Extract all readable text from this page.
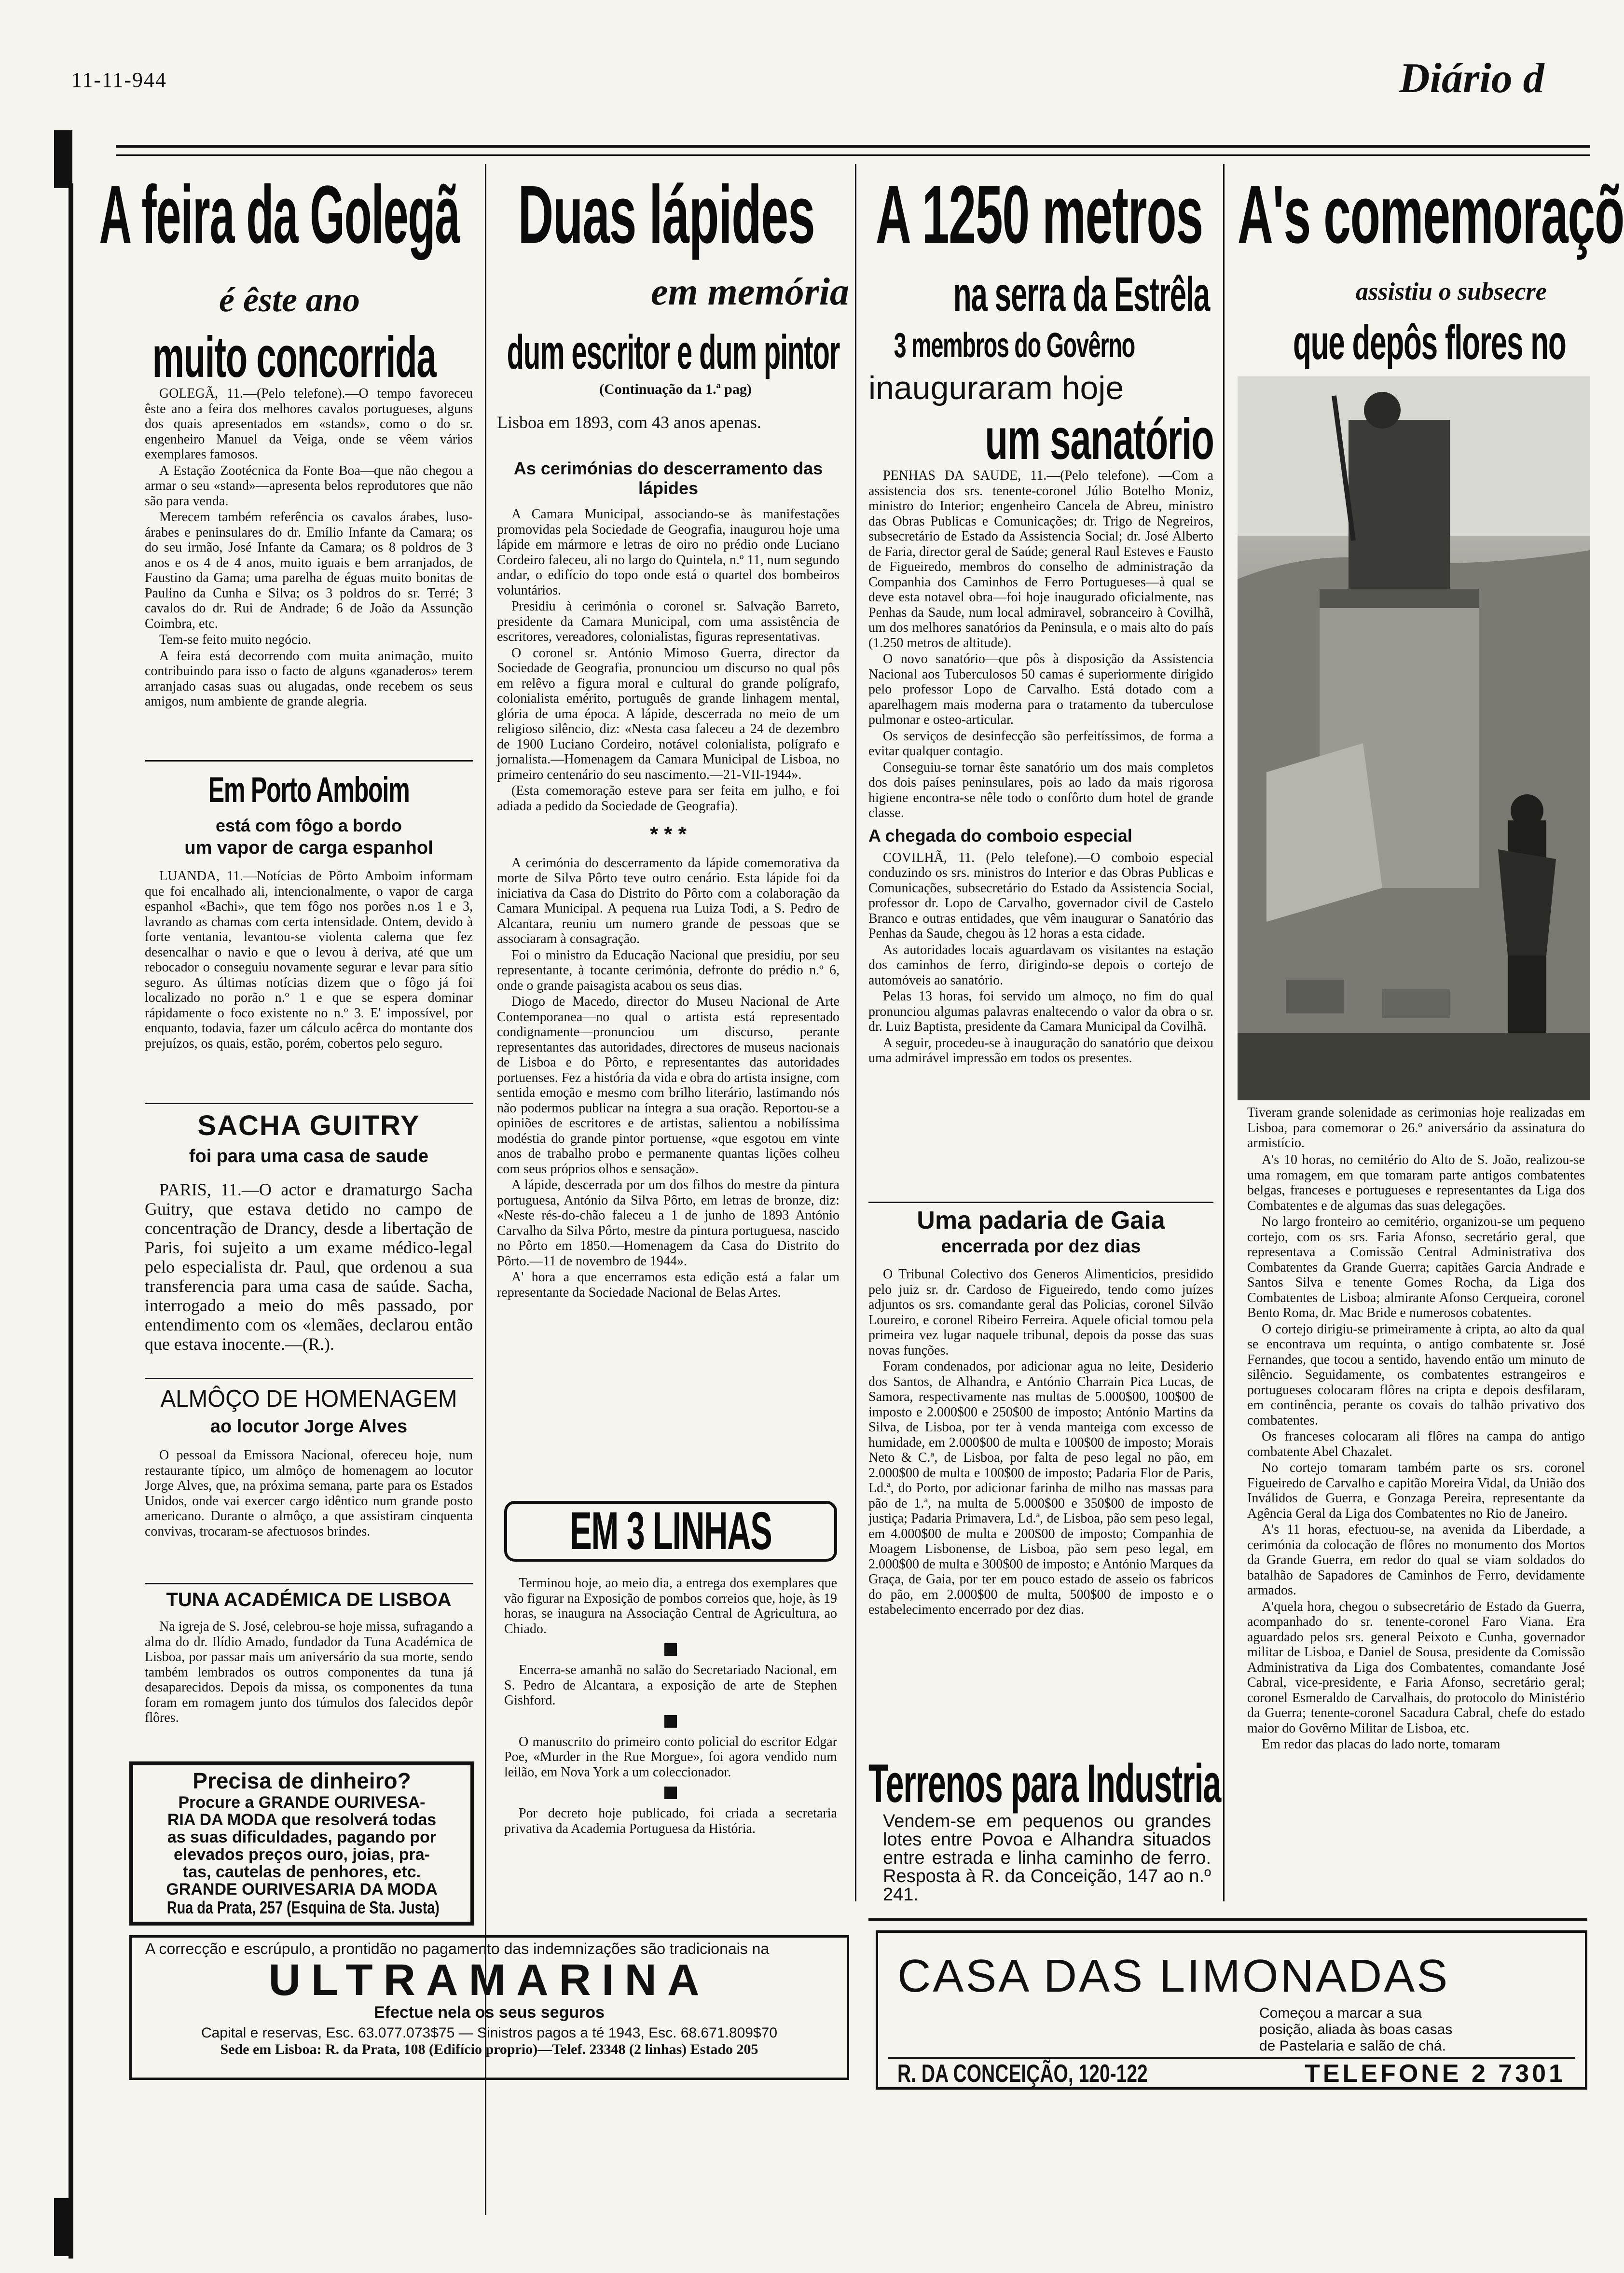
11-11-944	Diário d
A feira da Golegã
é êste ano
muito concorrida

GOLEGÃ, 11.—(Pelo telefone).—O tempo favoreceu êste ano a feira dos melhores cavalos portugueses, alguns dos quais apresentados em «stands», como o do sr. engenheiro Manuel da Veiga, onde se vêem vários exemplares famosos.

A Estação Zootécnica da Fonte Boa—que não chegou a armar o seu «stand»—apresenta belos reprodutores que não são para venda.

Merecem também referência os cavalos árabes, luso-árabes e peninsulares do dr. Emílio Infante da Camara; os do seu irmão, José Infante da Camara; os 8 poldros de 3 anos e os 4 de 4 anos, muito iguais e bem arranjados, de Faustino da Gama; uma parelha de éguas muito bonitas de Paulino da Cunha e Silva; os 3 poldros do sr. Terré; 3 cavalos do dr. Rui de Andrade; 6 de João da Assunção Coimbra, etc.

Tem-se feito muito negócio.

A feira está decorrendo com muita animação, muito contribuindo para isso o facto de alguns «ganaderos» terem arranjado casas suas ou alugadas, onde recebem os seus amigos, num ambiente de grande alegria.

Em Porto Amboim
está com fôgo a bordo
um vapor de carga espanhol

LUANDA, 11.—Notícias de Pôrto Amboim informam que foi encalhado ali, intencionalmente, o vapor de carga espanhol «Bachi», que tem fôgo nos porões n.os 1 e 3, lavrando as chamas com certa intensidade. Ontem, devido à forte ventania, levantou-se violenta calema que fez desencalhar o navio e que o levou à deriva, até que um rebocador o conseguiu novamente segurar e levar para sítio seguro. As últimas notícias dizem que o fôgo já foi localizado no porão n.º 1 e que se espera dominar rápidamente o foco existente no n.º 3. E' impossível, por enquanto, todavia, fazer um cálculo acêrca do montante dos prejuízos, os quais, estão, porém, cobertos pelo seguro.

SACHA GUITRY
foi para uma casa de saude

PARIS, 11.—O actor e dramaturgo Sacha Guitry, que estava detido no campo de concentração de Drancy, desde a libertação de Paris, foi sujeito a um exame médico-legal pelo especialista dr. Paul, que ordenou a sua transferencia para uma casa de saúde. Sacha, interrogado a meio do mês passado, por entendimento com os «lemães, declarou então que estava inocente.—(R.).

ALMÔÇO DE HOMENAGEM
ao locutor Jorge Alves

O pessoal da Emissora Nacional, ofereceu hoje, num restaurante típico, um almôço de homenagem ao locutor Jorge Alves, que, na próxima semana, parte para os Estados Unidos, onde vai exercer cargo idêntico num grande posto americano. Durante o almôço, a que assistiram cinquenta convivas, trocaram-se afectuosos brindes.

TUNA ACADÉMICA DE LISBOA

Na igreja de S. José, celebrou-se hoje missa, sufragando a alma do dr. Ilídio Amado, fundador da Tuna Académica de Lisboa, por passar mais um aniversário da sua morte, sendo também lembrados os outros componentes da tuna já desaparecidos. Depois da missa, os componentes da tuna foram em romagem junto dos túmulos dos falecidos depôr flôres.

Precisa de dinheiro?
Procure a GRANDE OURIVESA-
RIA DA MODA que resolverá todas
as suas dificuldades, pagando por
elevados preços ouro, joias, pra-
tas, cautelas de penhores, etc.
GRANDE OURIVESARIA DA MODA
Rua da Prata, 257 (Esquina de Sta. Justa)
Duas lápides
em memória
dum escritor e dum pintor
(Continuação da 1.ª pag)
Lisboa em 1893, com 43 anos apenas.
As cerimónias do descerramento das lápides

A Camara Municipal, associando-se às manifestações promovidas pela Sociedade de Geografia, inaugurou hoje uma lápide em mármore e letras de oiro no prédio onde Luciano Cordeiro faleceu, ali no largo do Quintela, n.º 11, num segundo andar, o edifício do topo onde está o quartel dos bombeiros voluntários.

Presidiu à cerimónia o coronel sr. Salvação Barreto, presidente da Camara Municipal, com uma assistência de escritores, vereadores, colonialistas, figuras representativas.

O coronel sr. António Mimoso Guerra, director da Sociedade de Geografia, pronunciou um discurso no qual pôs em relêvo a figura moral e cultural do grande polígrafo, colonialista emérito, português de grande linhagem mental, glória de uma época. A lápide, descerrada no meio de um religioso silêncio, diz: «Nesta casa faleceu a 24 de dezembro de 1900 Luciano Cordeiro, notável colonialista, polígrafo e jornalista.—Homenagem da Camara Municipal de Lisboa, no primeiro centenário do seu nascimento.—21-VII-1944».

(Esta comemoração esteve para ser feita em julho, e foi adiada a pedido da Sociedade de Geografia).

* * *

A cerimónia do descerramento da lápide comemorativa da morte de Silva Pôrto teve outro cenário. Esta lápide foi da iniciativa da Casa do Distrito do Pôrto com a colaboração da Camara Municipal. A pequena rua Luiza Todi, a S. Pedro de Alcantara, reuniu um numero grande de pessoas que se associaram à consagração.

Foi o ministro da Educação Nacional que presidiu, por seu representante, à tocante cerimónia, defronte do prédio n.º 6, onde o grande paisagista acabou os seus dias.

Diogo de Macedo, director do Museu Nacional de Arte Contemporanea—no qual o artista está representado condignamente—pronunciou um discurso, perante representantes das autoridades, directores de museus nacionais de Lisboa e do Pôrto, e representantes das autoridades portuenses. Fez a história da vida e obra do artista insigne, com sentida emoção e mesmo com brilho literário, lastimando nós não podermos publicar na íntegra a sua oração. Reportou-se a opiniões de escritores e de artistas, salientou a nobilíssima modéstia do grande pintor portuense, «que esgotou em vinte anos de trabalho probo e permanente quantas lições colheu com seus próprios olhos e sensação».

A lápide, descerrada por um dos filhos do mestre da pintura portuguesa, António da Silva Pôrto, em letras de bronze, diz: «Neste rés-do-chão faleceu a 1 de junho de 1893 António Carvalho da Silva Pôrto, mestre da pintura portuguesa, nascido no Pôrto em 1850.—Homenagem da Casa do Distrito do Pôrto.—11 de novembro de 1944».

A' hora a que encerramos esta edição está a falar um representante da Sociedade Nacional de Belas Artes.

EM 3 LINHAS

Terminou hoje, ao meio dia, a entrega dos exemplares que vão figurar na Exposição de pombos correios que, hoje, às 19 horas, se inaugura na Associação Central de Agricultura, ao Chiado.

Encerra-se amanhã no salão do Secretariado Nacional, em S. Pedro de Alcantara, a exposição de arte de Stephen Gishford.

O manuscrito do primeiro conto policial do escritor Edgar Poe, «Murder in the Rue Morgue», foi agora vendido num leilão, em Nova York a um coleccionador.

Por decreto hoje publicado, foi criada a secretaria privativa da Academia Portuguesa da História.

A 1250 metros
na serra da Estrêla
3 membros do Govêrno
inauguraram hoje
um sanatório

PENHAS DA SAUDE, 11.—(Pelo telefone). —Com a assistencia dos srs. tenente-coronel Júlio Botelho Moniz, ministro do Interior; engenheiro Cancela de Abreu, ministro das Obras Publicas e Comunicações; dr. Trigo de Negreiros, subsecretário de Estado da Assistencia Social; dr. José Alberto de Faria, director geral de Saúde; general Raul Esteves e Fausto de Figueiredo, membros do conselho de administração da Companhia dos Caminhos de Ferro Portugueses—à qual se deve esta notavel obra—foi hoje inaugurado oficialmente, nas Penhas da Saude, num local admiravel, sobranceiro à Covilhã, um dos melhores sanatórios da Peninsula, e o mais alto do país (1.250 metros de altitude).

O novo sanatório—que pôs à disposição da Assistencia Nacional aos Tuberculosos 50 camas é superiormente dirigido pelo professor Lopo de Carvalho. Está dotado com a aparelhagem mais moderna para o tratamento da tuberculose pulmonar e osteo-articular.

Os serviços de desinfecção são perfeitíssimos, de forma a evitar qualquer contagio.

Conseguiu-se tornar êste sanatório um dos mais completos dos dois países peninsulares, pois ao lado da mais rigorosa higiene encontra-se nêle todo o confôrto dum hotel de grande classe.

A chegada do comboio especial

COVILHÃ, 11. (Pelo telefone).—O comboio especial conduzindo os srs. ministros do Interior e das Obras Publicas e Comunicações, subsecretário do Estado da Assistencia Social, professor dr. Lopo de Carvalho, governador civil de Castelo Branco e outras entidades, que vêm inaugurar o Sanatório das Penhas da Saude, chegou às 12 horas a esta cidade.

As autoridades locais aguardavam os visitantes na estação dos caminhos de ferro, dirigindo-se depois o cortejo de automóveis ao sanatório.

Pelas 13 horas, foi servido um almoço, no fim do qual pronunciou algumas palavras enaltecendo o valor da obra o sr. dr. Luiz Baptista, presidente da Camara Municipal da Covilhã.

A seguir, procedeu-se à inauguração do sanatório que deixou uma admirável impressão em todos os presentes.

Uma padaria de Gaia
encerrada por dez dias

O Tribunal Colectivo dos Generos Alimenticios, presidido pelo juiz sr. dr. Cardoso de Figueiredo, tendo como juízes adjuntos os srs. comandante geral das Policias, coronel Silvão Loureiro, e coronel Ribeiro Ferreira. Aquele oficial tomou pela primeira vez lugar naquele tribunal, depois da posse das suas novas funções.

Foram condenados, por adicionar agua no leite, Desiderio dos Santos, de Alhandra, e António Charrain Pica Lucas, de Samora, respectivamente nas multas de 5.000$00, 100$00 de imposto e 2.000$00 e 250$00 de imposto; António Martins da Silva, de Lisboa, por ter à venda manteiga com excesso de humidade, em 2.000$00 de multa e 100$00 de imposto; Morais Neto & C.ª, de Lisboa, por falta de peso legal no pão, em 2.000$00 de multa e 100$00 de imposto; Padaria Flor de Paris, Ld.ª, do Porto, por adicionar farinha de milho nas massas para pão de 1.ª, na multa de 5.000$00 e 350$00 de imposto de justiça; Padaria Primavera, Ld.ª, de Lisboa, pão sem peso legal, em 4.000$00 de multa e 200$00 de imposto; Companhia de Moagem Lisbonense, de Lisboa, pão sem peso legal, em 2.000$00 de multa e 300$00 de imposto; e António Marques da Graça, de Gaia, por ter em pouco estado de asseio os fabricos do pão, em 2.000$00 de multa, 500$00 de imposto e o estabelecimento encerrado por dez dias.

Terrenos para Industria
Vendem-se em pequenos ou grandes lotes entre Povoa e Alhandra situados entre estrada e linha caminho de ferro. Resposta à R. da Conceição, 147 ao n.º 241.
A's comemoraçõ
assistiu o subsecre
que depôs flores no
Tiveram grande solenidade as cerimonias hoje realizadas em Lisboa, para comemorar o 26.º aniversário da assinatura do armistício.

A's 10 horas, no cemitério do Alto de S. João, realizou-se uma romagem, em que tomaram parte antigos combatentes belgas, franceses e portugueses e representantes da Liga dos Combatentes e de algumas das suas delegações.

No largo fronteiro ao cemitério, organizou-se um pequeno cortejo, com os srs. Faria Afonso, secretário geral, que representava a Comissão Central Administrativa dos Combatentes da Grande Guerra; capitães Garcia Andrade e Santos Silva e tenente Gomes Rocha, da Liga dos Combatentes de Lisboa; almirante Afonso Cerqueira, coronel Bento Roma, dr. Mac Bride e numerosos cobatentes.

O cortejo dirigiu-se primeiramente à cripta, ao alto da qual se encontrava um requinta, o antigo combatente sr. José Fernandes, que tocou a sentido, havendo então um minuto de silêncio. Seguidamente, os combatentes estrangeiros e portugueses colocaram flôres na cripta e depois desfilaram, em continência, perante os covais do talhão privativo dos combatentes.

Os franceses colocaram ali flôres na campa do antigo combatente Abel Chazalet.

No cortejo tomaram também parte os srs. coronel Figueiredo de Carvalho e capitão Moreira Vidal, da União dos Inválidos de Guerra, e Gonzaga Pereira, representante da Agência Geral da Liga dos Combatentes no Rio de Janeiro.

A's 11 horas, efectuou-se, na avenida da Liberdade, a cerimónia da colocação de flôres no monumento dos Mortos da Grande Guerra, em redor do qual se viam soldados do batalhão de Sapadores de Caminhos de Ferro, devidamente armados.

A'quela hora, chegou o subsecretário de Estado da Guerra, acompanhado do sr. tenente-coronel Faro Viana. Era aguardado pelos srs. general Peixoto e Cunha, governador militar de Lisboa, e Daniel de Sousa, presidente da Comissão Administrativa da Liga dos Combatentes, comandante José Cabral, vice-presidente, e Faria Afonso, secretário geral; coronel Esmeraldo de Carvalhais, do protocolo do Ministério da Guerra; tenente-coronel Sacadura Cabral, chefe do estado maior do Govêrno Militar de Lisboa, etc.

Em redor das placas do lado norte, tomaram

A correcção e escrúpulo, a prontidão no pagamento das indemnizações são tradicionais na
ULTRAMARINA
Efectue nela os seus seguros
Capital e reservas, Esc. 63.077.073$75 — Sinistros pagos a té 1943, Esc. 68.671.809$70
Sede em Lisboa: R. da Prata, 108 (Edifício proprio)—Telef. 23348 (2 linhas) Estado 205
CASA DAS LIMONADAS
Começou a marcar a sua posição, aliada às boas casas de Pastelaria e salão de chá.
R. DA CONCEIÇÃO, 120-122	TELEFONE 2 7301
